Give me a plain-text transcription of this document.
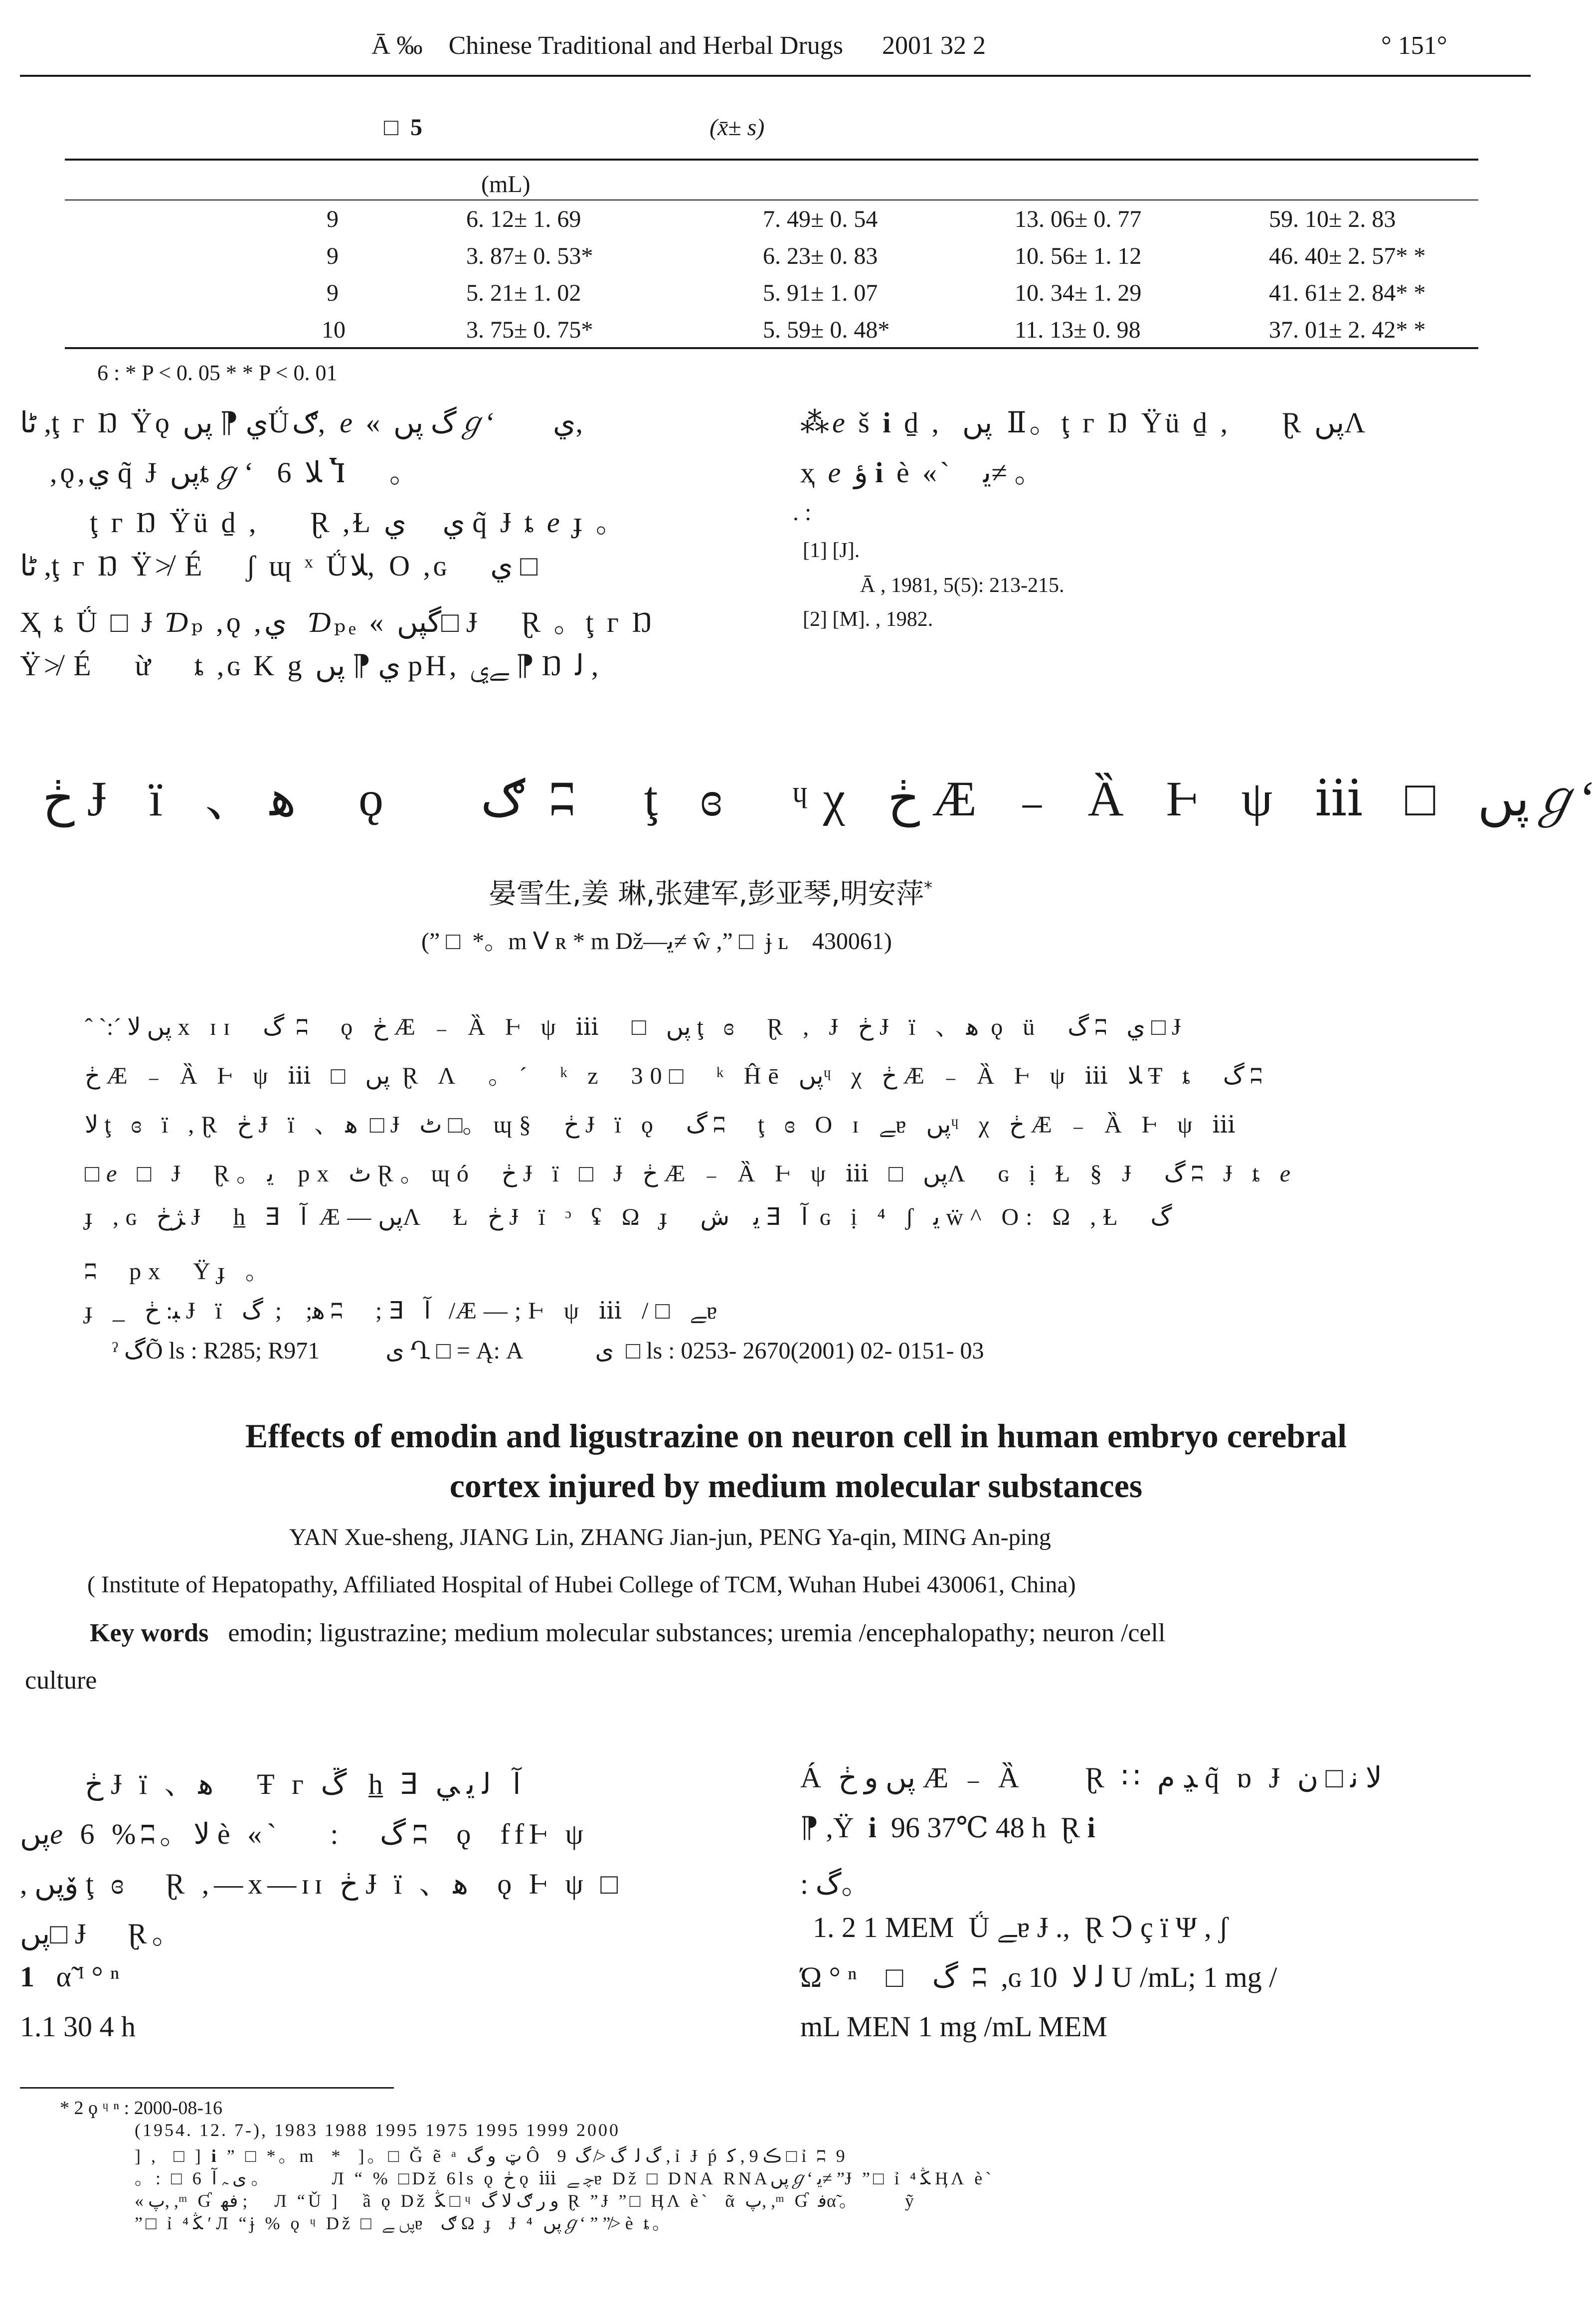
Ā ‰ Chinese Traditional and Herbal Drugs 2001 32 2	° 151°
□  5	(x̄± s)
(mL)
9	6. 12± 1. 69	7. 49± 0. 54	13. 06± 0. 77	59. 10± 2. 83
9	3. 87± 0. 53*	6. 23± 0. 83	10. 56± 1. 12	46. 40± 2. 57* *
9	5. 21± 1. 02	5. 91± 1. 07	10. 34± 1. 29	41. 61± 2. 84* *
10	3. 75± 0. 75*	5. 59± 0. 48*	11. 13± 0. 98	37. 01± 2. 42* *
6 : * P < 0. 05 * * P < 0. 01
ٹا ,ţ ᴦ Ŋ Ÿǫ ي ⁋ پںǗګ,  e « گ پںℊʻ        ي,
,ǫ,ي q̃ Ɉ پںȶℊʻ  6 ﻼ Ⴈ    。
ţ ᴦ Ŋ Ÿü ḏ ,     Ɽ ,Ɫ ي     ي q̃ Ɉ ȶ e ɟ 。
ٹا ,ţ ᴦ Ŋ Ÿ≯ É    ʃ ɰ ˣ Ǘﻼ,  O ,ɢ    ي □
Ҳ ȶ Ǘ □ Ɉ Ɗₚ ,ǫ ,ي   Ɗₚₑ « گپں□ Ɉ    Ɽ 。ţ ᴦ Ŋ
Ÿ≯ É    ừ    ȶ ,ɢ K g ي ⁋ پں pH, ﮯي ⁋ Ŋ ﻟ ,
⁂e š i ḏ ,  پں  Ⅱ。ţ ᴦ Ŋ Ÿü ḏ ,     Ɽ پںɅ
ҳ e ؤ i è «`   ﻳ≠ 。
. :
[1] [J].
Ā , 1981, 5(5): 213-215.
[2] [M]. , 1982.
ڂ Ɉ ï 、ﻫ     ǫ   ګ  ʭ  ţ ɞ  ᶣχ ڂ Æ ₋ Ȁ Ⱶ ψ ⅲ □ پںℊʻ
晏雪生,姜 琳,张建军,彭亚琴,明安萍*
(” □  *。m ⴸ ʀ * m Dž—ﻳ≠ ŵ ,” □  ɉ ʟ    430061)
ˆ ˋ:ˊ پں ﻻ x ɪɪ  گ  ʭ  ǫ ڂ Æ ₋ Ȁ Ⱶ ψ ⅲ  □ پں ţ ɞ  Ɽ , Ɉ ڂ Ɉ ï 、ﻫ  ǫ ü  گ ʭ ي □ Ɉ
ڂ Æ ₋ Ȁ Ⱶ ψ ⅲ □ پں  Ɽ Ʌ  。ˊ  ᵏ z  30□  ᵏ Ĥē پںᶣ χ ڂ Æ ₋ Ȁ Ⱶ ψ ⅲ ﻼ Ŧ ȶ  گ ʭ
ﻻ ţ ɞ ï ,Ɽ ڂ Ɉ ï 、ﻫ  □ Ɉ ٹ □。ɰ§  ڂ Ɉ ï ǫ  گ ʭ  ţ ɞ O ɪ ﮯɐ پںᶣ χ ڂ Æ ₋ Ȁ Ⱶ ψ ⅲ
□e □ Ɉ  Ɽ。ﻳ    pх ٹ Ɽ。ɰó  ڂ Ɉ ï □ Ɉ ڂ Æ ₋ Ȁ Ⱶ ψ ⅲ □ پںɅ  ɢ ị Ɫ § Ɉ  گ ʭ Ɉ ȶ e
ɟ ,ɢ ﮋڂ Ɉ  h̲ ⴺ ﺁ  Æ—پںɅ  Ɫ ڂ Ɉ ï ᵓ ʢ Ω ɟ  ﻳ    ﺵ ⴺ ﺁ  ɢ ị ⁴ ʃ ﻳ ẅ^ O: Ω ,Ɫ  گ
ʭ  pх  Ÿɟ 。
ɟ _ ﺒ: ڂ Ɉ ï ﻫ;    ;  گ ʭ  ;ⴺ ﺁ   /Æ—;Ⱶ ψ ⅲ /□ ﮯɐ
ˀ گÕ ls : R285; R971           ى Ղ □ = Ą: A            ى  □ ls : 0253- 2670(2001) 02- 0151- 03
Effects of emodin and ligustrazine on neuron cell in human embryo cerebral
cortex injured by medium molecular substances
YAN Xue-sheng, JIANG Lin, ZHANG Jian-jun, PENG Ya-qin, MING An-ping
( Institute of Hepatopathy, Affiliated Hospital of Hubei College of TCM, Wuhan Hubei 430061, China)
Key words emodin; ligustrazine; medium molecular substances; uremia /encephalopathy; neuron /cell
culture
ڂ Ɉ ï 、ﻫ      Ŧ ᴦ ﮚ   h̲ ⴺ ﺁ   ﻟ ﻳ ﻲ
پںe 6 %ʭ。ﻻ è «`    :   گ ʭ  ǫ  ffⱵ ψ
, ﯙپں ţ ɞ   Ɽ ,—x—ɪɪ ڂ Ɉ ï 、ﻫ    ǫ Ⱶ ψ □
پں□ Ɉ   Ɽ。
1   α̃ ᴵ ° ⁿ
1.1 30 4 h
Á پں ﻭ ڂ Æ ₋ Ȁ     Ɽ ∷ ﮃ ﻡ q̃ ɒ Ɉ ﻻ ﻧ □ ن
⁋ ,Ÿ  i 96 37℃ 48 h  Ɽ i
: گ。
1. 2 1 MEM  Ǘ ﮯɐ Ɉ .,  Ɽ Ↄ ç ï Ψ , ʃ
Ώ ° ⁿ    □    گ  ʭ  ,ɢ ﻟ ﻻ  10 U /mL; 1 mg /
mL MEN 1 mg /mL MEM
* 2 ϙ ᶣ ⁿ : 2000-08-16
(1954. 12. 7-), 1983 1988 1995 1975 1995 1999 2000
] ,  □ ] i ” □ *。m  *  ]。□ Ğ ẽ ᵃ ټ  ﻭ گ Ô  گ ﻟ  گ ≯ ﮒ  9 , ỉ Ɉ ṕ ڪ 9 , ﮐ □ ỉ ʭ 9
。: □ 6 ى ﮧ ﺁ 。        Л “ % □Dž 6ls ǫ ڂ ǫ ⅲ ﭼ ﮯɐ Dž □ DNA RNAپںℊʻ ﻳ≠ ”Ɉ ”□ ỉ ﯖ ⁴ ӉɅ è`
« ﭖ, ,ᵐ Ɠ ﻓﻬ ;      Л “Ǔ ]   ầ ǫ Dž ﯖ □ ᶣ ﻭ ﺭ ګ ﻻ ﮒ  Ɽ ”Ɉ ”□ ӉɅ è`  ᾶ ﭖ, ,ᵐ Ɠ ﻓα̃。      ỹ
”□ ỉ ﯖ ⁴ ʹ Л “ɉ % ǫ ᶣ Dž □ پں ﮯɐ  ګ Ω ɟ  Ɉ ⁴ پںℊʻ ” ”≯ è ȶ。
